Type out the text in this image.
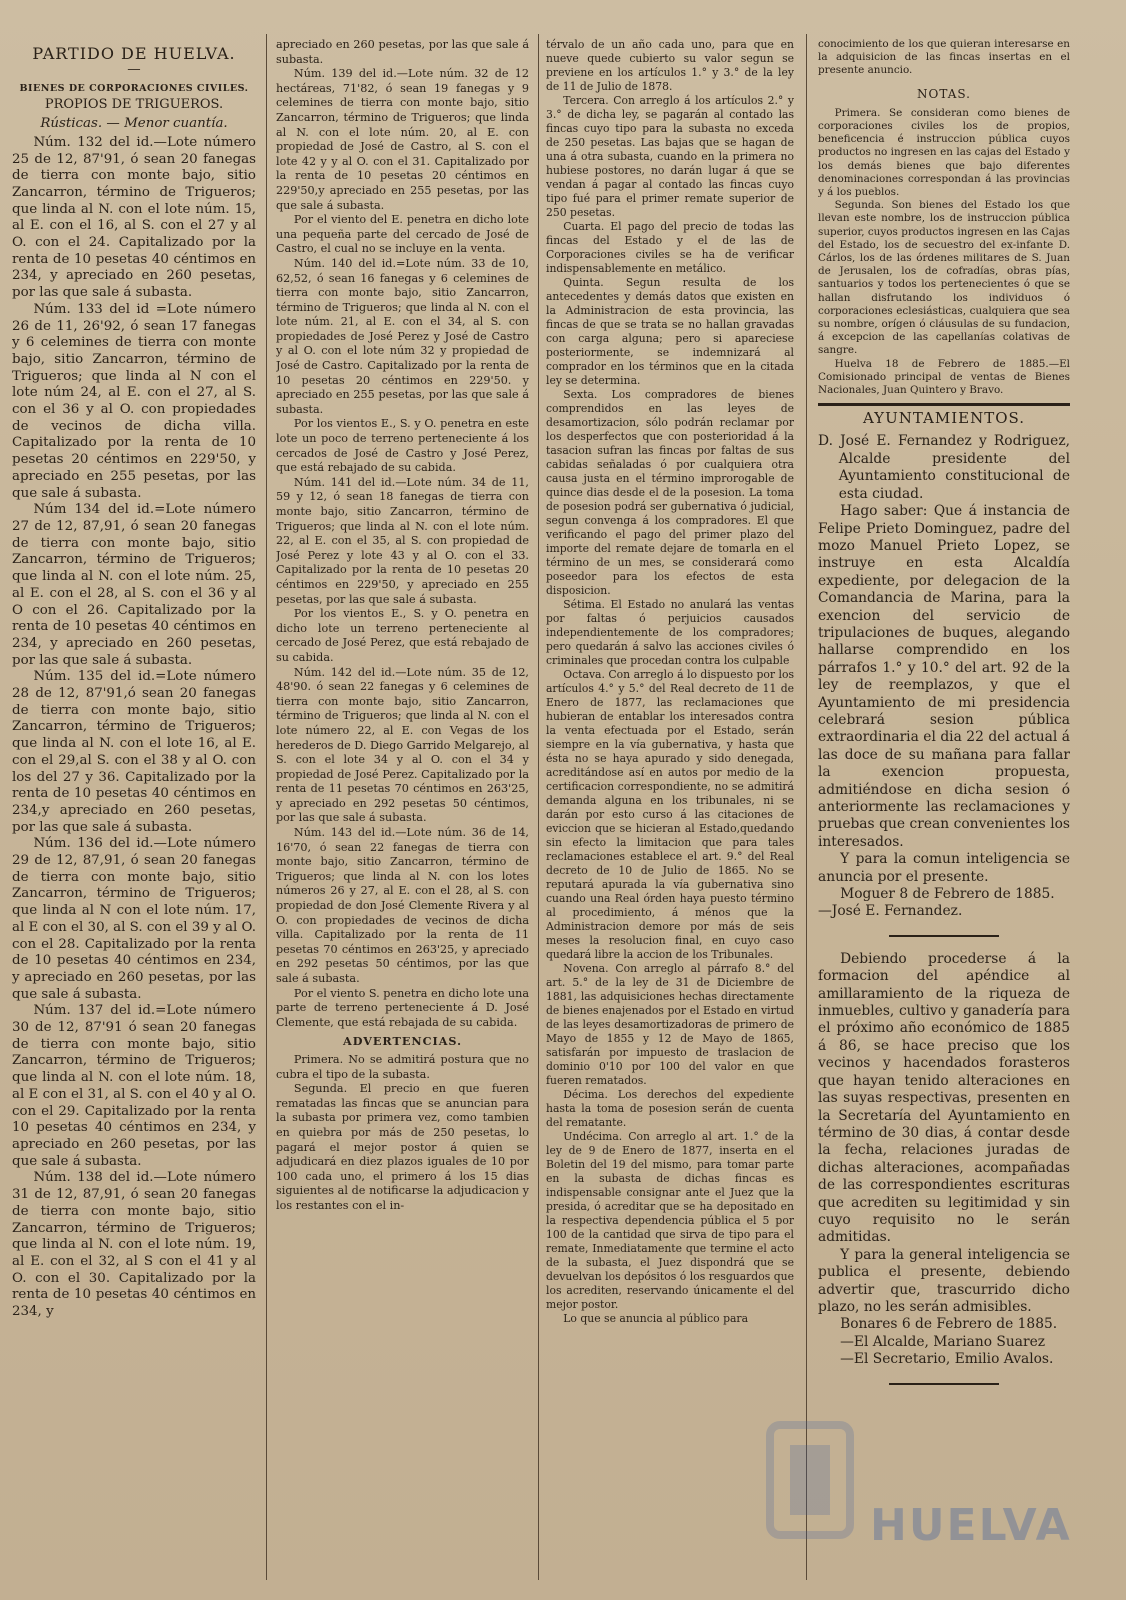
PARTIDO DE HUELVA.
—
BIENES DE CORPORACIONES CIVILES.
PROPIOS DE TRIGUEROS.
Rústicas. — Menor cuantía.

Núm. 132 del id.—Lote número 25 de 12, 87'91, ó sean 20 fanegas de tierra con monte bajo, sitio Zancarron, término de Trigueros; que linda al N. con el lote núm. 15, al E. con el 16, al S. con el 27 y al O. con el 24. Capitalizado por la renta de 10 pesetas 40 céntimos en 234, y apreciado en 260 pesetas, por las que sale á subasta.

Núm. 133 del id =Lote número 26 de 11, 26'92, ó sean 17 fanegas y 6 celemines de tierra con monte bajo, sitio Zancarron, término de Trigueros; que linda al N con el lote núm 24, al E. con el 27, al S. con el 36 y al O. con propiedades de vecinos de dicha villa. Capitalizado por la renta de 10 pesetas 20 céntimos en 229'50, y apreciado en 255 pesetas, por las que sale á subasta.

Núm 134 del id.=Lote número 27 de 12, 87,91, ó sean 20 fanegas de tierra con monte bajo, sitio Zancarron, término de Trigueros; que linda al N. con el lote núm. 25, al E. con el 28, al S. con el 36 y al O con el 26. Capitalizado por la renta de 10 pesetas 40 céntimos en 234, y apreciado en 260 pesetas, por las que sale á subasta.

Núm. 135 del id.=Lote número 28 de 12, 87'91,ó sean 20 fanegas de tierra con monte bajo, sitio Zancarron, término de Trigueros; que linda al N. con el lote 16, al E. con el 29,al S. con el 38 y al O. con los del 27 y 36. Capitalizado por la renta de 10 pesetas 40 céntimos en 234,y apreciado en 260 pesetas, por las que sale á subasta.

Núm. 136 del id.—Lote número 29 de 12, 87,91, ó sean 20 fanegas de tierra con monte bajo, sitio Zancarron, término de Trigueros; que linda al N con el lote núm. 17, al E con el 30, al S. con el 39 y al O. con el 28. Capitalizado por la renta de 10 pesetas 40 céntimos en 234, y apreciado en 260 pesetas, por las que sale á subasta.

Núm. 137 del id.=Lote número 30 de 12, 87'91 ó sean 20 fanegas de tierra con monte bajo, sitio Zancarron, término de Trigueros; que linda al N. con el lote núm. 18, al E con el 31, al S. con el 40 y al O. con el 29. Capitalizado por la renta 10 pesetas 40 céntimos en 234, y apreciado en 260 pesetas, por las que sale á subasta.

Núm. 138 del id.—Lote número 31 de 12, 87,91, ó sean 20 fanegas de tierra con monte bajo, sitio Zancarron, término de Trigueros; que linda al N. con el lote núm. 19, al E. con el 32, al S con el 41 y al O. con el 30. Capitalizado por la renta de 10 pesetas 40 céntimos en 234, y

apreciado en 260 pesetas, por las que sale á subasta.

Núm. 139 del id.—Lote núm. 32 de 12 hectáreas, 71'82, ó sean 19 fanegas y 9 celemines de tierra con monte bajo, sitio Zancarron, término de Trigueros; que linda al N. con el lote núm. 20, al E. con propiedad de José de Castro, al S. con el lote 42 y y al O. con el 31. Capitalizado por la renta de 10 pesetas 20 céntimos en 229'50,y apreciado en 255 pesetas, por las que sale á subasta.

Por el viento del E. penetra en dicho lote una pequeña parte del cercado de José de Castro, el cual no se incluye en la venta.

Núm. 140 del id.=Lote núm. 33 de 10, 62,52, ó sean 16 fanegas y 6 celemines de tierra con monte bajo, sitio Zancarron, término de Trigueros; que linda al N. con el lote núm. 21, al E. con el 34, al S. con propiedades de José Perez y José de Castro y al O. con el lote núm 32 y propiedad de José de Castro. Capitalizado por la renta de 10 pesetas 20 céntimos en 229'50. y apreciado en 255 pesetas, por las que sale á subasta.

Por los vientos E., S. y O. penetra en este lote un poco de terreno perteneciente á los cercados de José de Castro y José Perez, que está rebajado de su cabida.

Núm. 141 del id.—Lote núm. 34 de 11, 59 y 12, ó sean 18 fanegas de tierra con monte bajo, sitio Zancarron, término de Trigueros; que linda al N. con el lote núm. 22, al E. con el 35, al S. con propiedad de José Perez y lote 43 y al O. con el 33. Capitalizado por la renta de 10 pesetas 20 céntimos en 229'50, y apreciado en 255 pesetas, por las que sale á subasta.

Por los vientos E., S. y O. penetra en dicho lote un terreno perteneciente al cercado de José Perez, que está rebajado de su cabida.

Núm. 142 del id.—Lote núm. 35 de 12, 48'90. ó sean 22 fanegas y 6 celemines de tierra con monte bajo, sitio Zancarron, término de Trigueros; que linda al N. con el lote número 22, al E. con Vegas de los herederos de D. Diego Garrido Melgarejo, al S. con el lote 34 y al O. con el 34 y propiedad de José Perez. Capitalizado por la renta de 11 pesetas 70 céntimos en 263'25, y apreciado en 292 pesetas 50 céntimos, por las que sale á subasta.

Núm. 143 del id.—Lote núm. 36 de 14, 16'70, ó sean 22 fanegas de tierra con monte bajo, sitio Zancarron, término de Trigueros; que linda al N. con los lotes números 26 y 27, al E. con el 28, al S. con propiedad de don José Clemente Rivera y al O. con propiedades de vecinos de dicha villa. Capitalizado por la renta de 11 pesetas 70 céntimos en 263'25, y apreciado en 292 pesetas 50 céntimos, por las que sale á subasta.

Por el viento S. penetra en dicho lote una parte de terreno perteneciente á D. José Clemente, que está rebajada de su cabida.

ADVERTENCIAS.

Primera. No se admitirá postura que no cubra el tipo de la subasta.

Segunda. El precio en que fueren rematadas las fincas que se anuncian para la subasta por primera vez, como tambien en quiebra por más de 250 pesetas, lo pagará el mejor postor á quien se adjudicará en diez plazos iguales de 10 por 100 cada uno, el primero á los 15 dias siguientes al de notificarse la adjudicacion y los restantes con el in-

térvalo de un año cada uno, para que en nueve quede cubierto su valor segun se previene en los artículos 1.° y 3.° de la ley de 11 de Julio de 1878.

Tercera. Con arreglo á los artículos 2.° y 3.° de dicha ley, se pagarán al contado las fincas cuyo tipo para la subasta no exceda de 250 pesetas. Las bajas que se hagan de una á otra subasta, cuando en la primera no hubiese postores, no darán lugar á que se vendan á pagar al contado las fincas cuyo tipo fué para el primer remate superior de 250 pesetas.

Cuarta. El pago del precio de todas las fincas del Estado y el de las de Corporaciones civiles se ha de verificar indispensablemente en metálico.

Quinta. Segun resulta de los antecedentes y demás datos que existen en la Administracion de esta provincia, las fincas de que se trata se no hallan gravadas con carga alguna; pero si apareciese posteriormente, se indemnizará al comprador en los términos que en la citada ley se determina.

Sexta. Los compradores de bienes comprendidos en las leyes de desamortizacion, sólo podrán reclamar por los desperfectos que con posterioridad á la tasacion sufran las fincas por faltas de sus cabidas señaladas ó por cualquiera otra causa justa en el término improrogable de quince dias desde el de la posesion. La toma de posesion podrá ser gubernativa ó judicial, segun convenga á los compradores. El que verificando el pago del primer plazo del importe del remate dejare de tomarla en el término de un mes, se considerará como poseedor para los efectos de esta disposicion.

Sétima. El Estado no anulará las ventas por faltas ó perjuicios causados independientemente de los compradores; pero quedarán á salvo las acciones civiles ó criminales que procedan contra los culpable

Octava. Con arreglo á lo dispuesto por los artículos 4.° y 5.° del Real decreto de 11 de Enero de 1877, las reclamaciones que hubieran de entablar los interesados contra la venta efectuada por el Estado, serán siempre en la vía gubernativa, y hasta que ésta no se haya apurado y sido denegada, acreditándose así en autos por medio de la certificacion correspondiente, no se admitirá demanda alguna en los tribunales, ni se darán por esto curso á las citaciones de eviccion que se hicieran al Estado,quedando sin efecto la limitacion que para tales reclamaciones establece el art. 9.° del Real decreto de 10 de Julio de 1865. No se reputará apurada la vía gubernativa sino cuando una Real órden haya puesto término al procedimiento, á ménos que la Administracion demore por más de seis meses la resolucion final, en cuyo caso quedará libre la accion de los Tribunales.

Novena. Con arreglo al párrafo 8.° del art. 5.° de la ley de 31 de Diciembre de 1881, las adquisiciones hechas directamente de bienes enajenados por el Estado en virtud de las leyes desamortizadoras de primero de Mayo de 1855 y 12 de Mayo de 1865, satisfarán por impuesto de traslacion de dominio 0'10 por 100 del valor en que fueren rematados.

Décima. Los derechos del expediente hasta la toma de posesion serán de cuenta del rematante.

Undécima. Con arreglo al art. 1.° de la ley de 9 de Enero de 1877, inserta en el Boletin del 19 del mismo, para tomar parte en la subasta de dichas fincas es indispensable consignar ante el Juez que la presida, ó acreditar que se ha depositado en la respectiva dependencia pública el 5 por 100 de la cantidad que sirva de tipo para el remate, Inmediatamente que termine el acto de la subasta, el Juez dispondrá que se devuelvan los depósitos ó los resguardos que los acrediten, reservando únicamente el del mejor postor.

Lo que se anuncia al público para

conocimiento de los que quieran interesarse en la adquisicion de las fincas insertas en el presente anuncio.

NOTAS.

Primera. Se consideran como bienes de corporaciones civiles los de propios, beneficencia é instruccion pública cuyos productos no ingresen en las cajas del Estado y los demás bienes que bajo diferentes denominaciones correspondan á las provincias y á los pueblos.

Segunda. Son bienes del Estado los que llevan este nombre, los de instruccion pública superior, cuyos productos ingresen en las Cajas del Estado, los de secuestro del ex-infante D. Cárlos, los de las órdenes militares de S. Juan de Jerusalen, los de cofradías, obras pías, santuarios y todos los pertenecientes ó que se hallan disfrutando los individuos ó corporaciones eclesiásticas, cualquiera que sea su nombre, orígen ó cláusulas de su fundacion, á excepcion de las capellanías colativas de sangre.

Huelva 18 de Febrero de 1885.—El Comisionado principal de ventas de Bienes Nacionales, Juan Quintero y Bravo.

AYUNTAMIENTOS.

D. José E. Fernandez y Rodriguez, Alcalde presidente del Ayuntamiento constitucional de esta ciudad.

Hago saber: Que á instancia de Felipe Prieto Dominguez, padre del mozo Manuel Prieto Lopez, se instruye en esta Alcaldía expediente, por delegacion de la Comandancia de Marina, para la exencion del servicio de tripulaciones de buques, alegando hallarse comprendido en los párrafos 1.° y 10.° del art. 92 de la ley de reemplazos, y que el Ayuntamiento de mi presidencia celebrará sesion pública extraordinaria el dia 22 del actual á las doce de su mañana para fallar la exencion propuesta, admitiéndose en dicha sesion ó anteriormente las reclamaciones y pruebas que crean convenientes los interesados.

Y para la comun inteligencia se anuncia por el presente.

Moguer 8 de Febrero de 1885.

—José E. Fernandez.

Debiendo procederse á la formacion del apéndice al amillaramiento de la riqueza de inmuebles, cultivo y ganadería para el próximo año económico de 1885 á 86, se hace preciso que los vecinos y hacendados forasteros que hayan tenido alteraciones en las suyas respectivas, presenten en la Secretaría del Ayuntamiento en término de 30 dias, á contar desde la fecha, relaciones juradas de dichas alteraciones, acompañadas de las correspondientes escrituras que acrediten su legitimidad y sin cuyo requisito no le serán admitidas.

Y para la general inteligencia se publica el presente, debiendo advertir que, trascurrido dicho plazo, no les serán admisibles.

Bonares 6 de Febrero de 1885.

—El Alcalde, Mariano Suarez

—El Secretario, Emilio Avalos.

HUELVA
